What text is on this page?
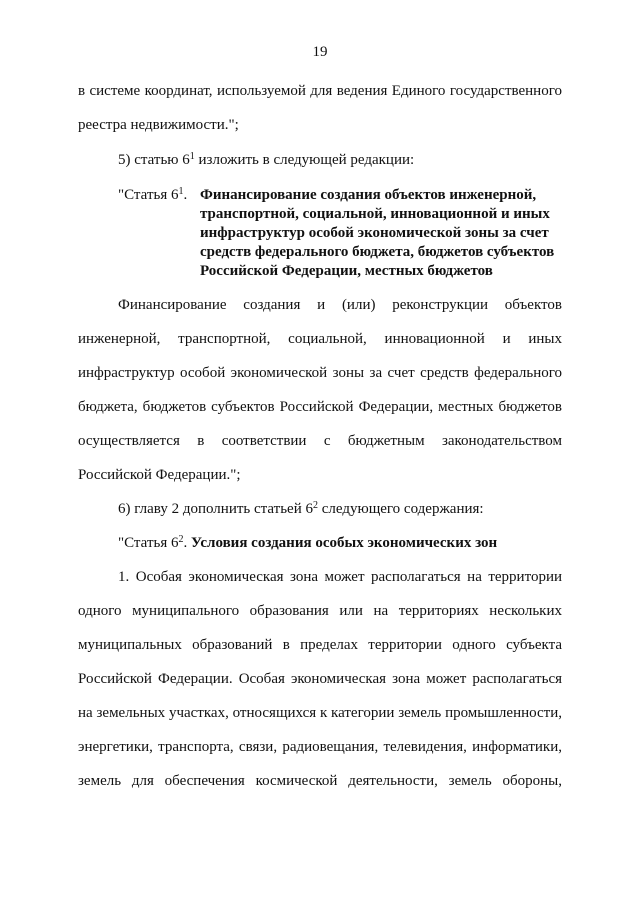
19
в системе координат, используемой для ведения Единого государственного
реестра недвижимости.";
5) статью $6^1$ изложить в следующей редакции:
"Статья $6^1$. Финансирование создания объектов инженерной,
транспортной, социальной, инновационной и иных
инфраструктур особой экономической зоны за счет
средств федерального бюджета, бюджетов субъектов
Российской Федерации, местных бюджетов
Финансирование создания и (или) реконструкции объектов
инженерной, транспортной, социальной, инновационной и иных
инфраструктур особой экономической зоны за счет средств федерального
бюджета, бюджетов субъектов Российской Федерации, местных бюджетов
осуществляется в соответствии с бюджетным законодательством
Российской Федерации.";
6) главу 2 дополнить статьей $6^2$ следующего содержания:
"Статья $6^2$. Условия создания особых экономических зон
1. Особая экономическая зона может располагаться на территории
одного муниципального образования или на территориях нескольких
муниципальных образований в пределах территории одного субъекта
Российской Федерации. Особая экономическая зона может располагаться
на земельных участках, относящихся к категории земель промышленности,
энергетики, транспорта, связи, радиовещания, телевидения, информатики,
земель для обеспечения космической деятельности, земель обороны,
